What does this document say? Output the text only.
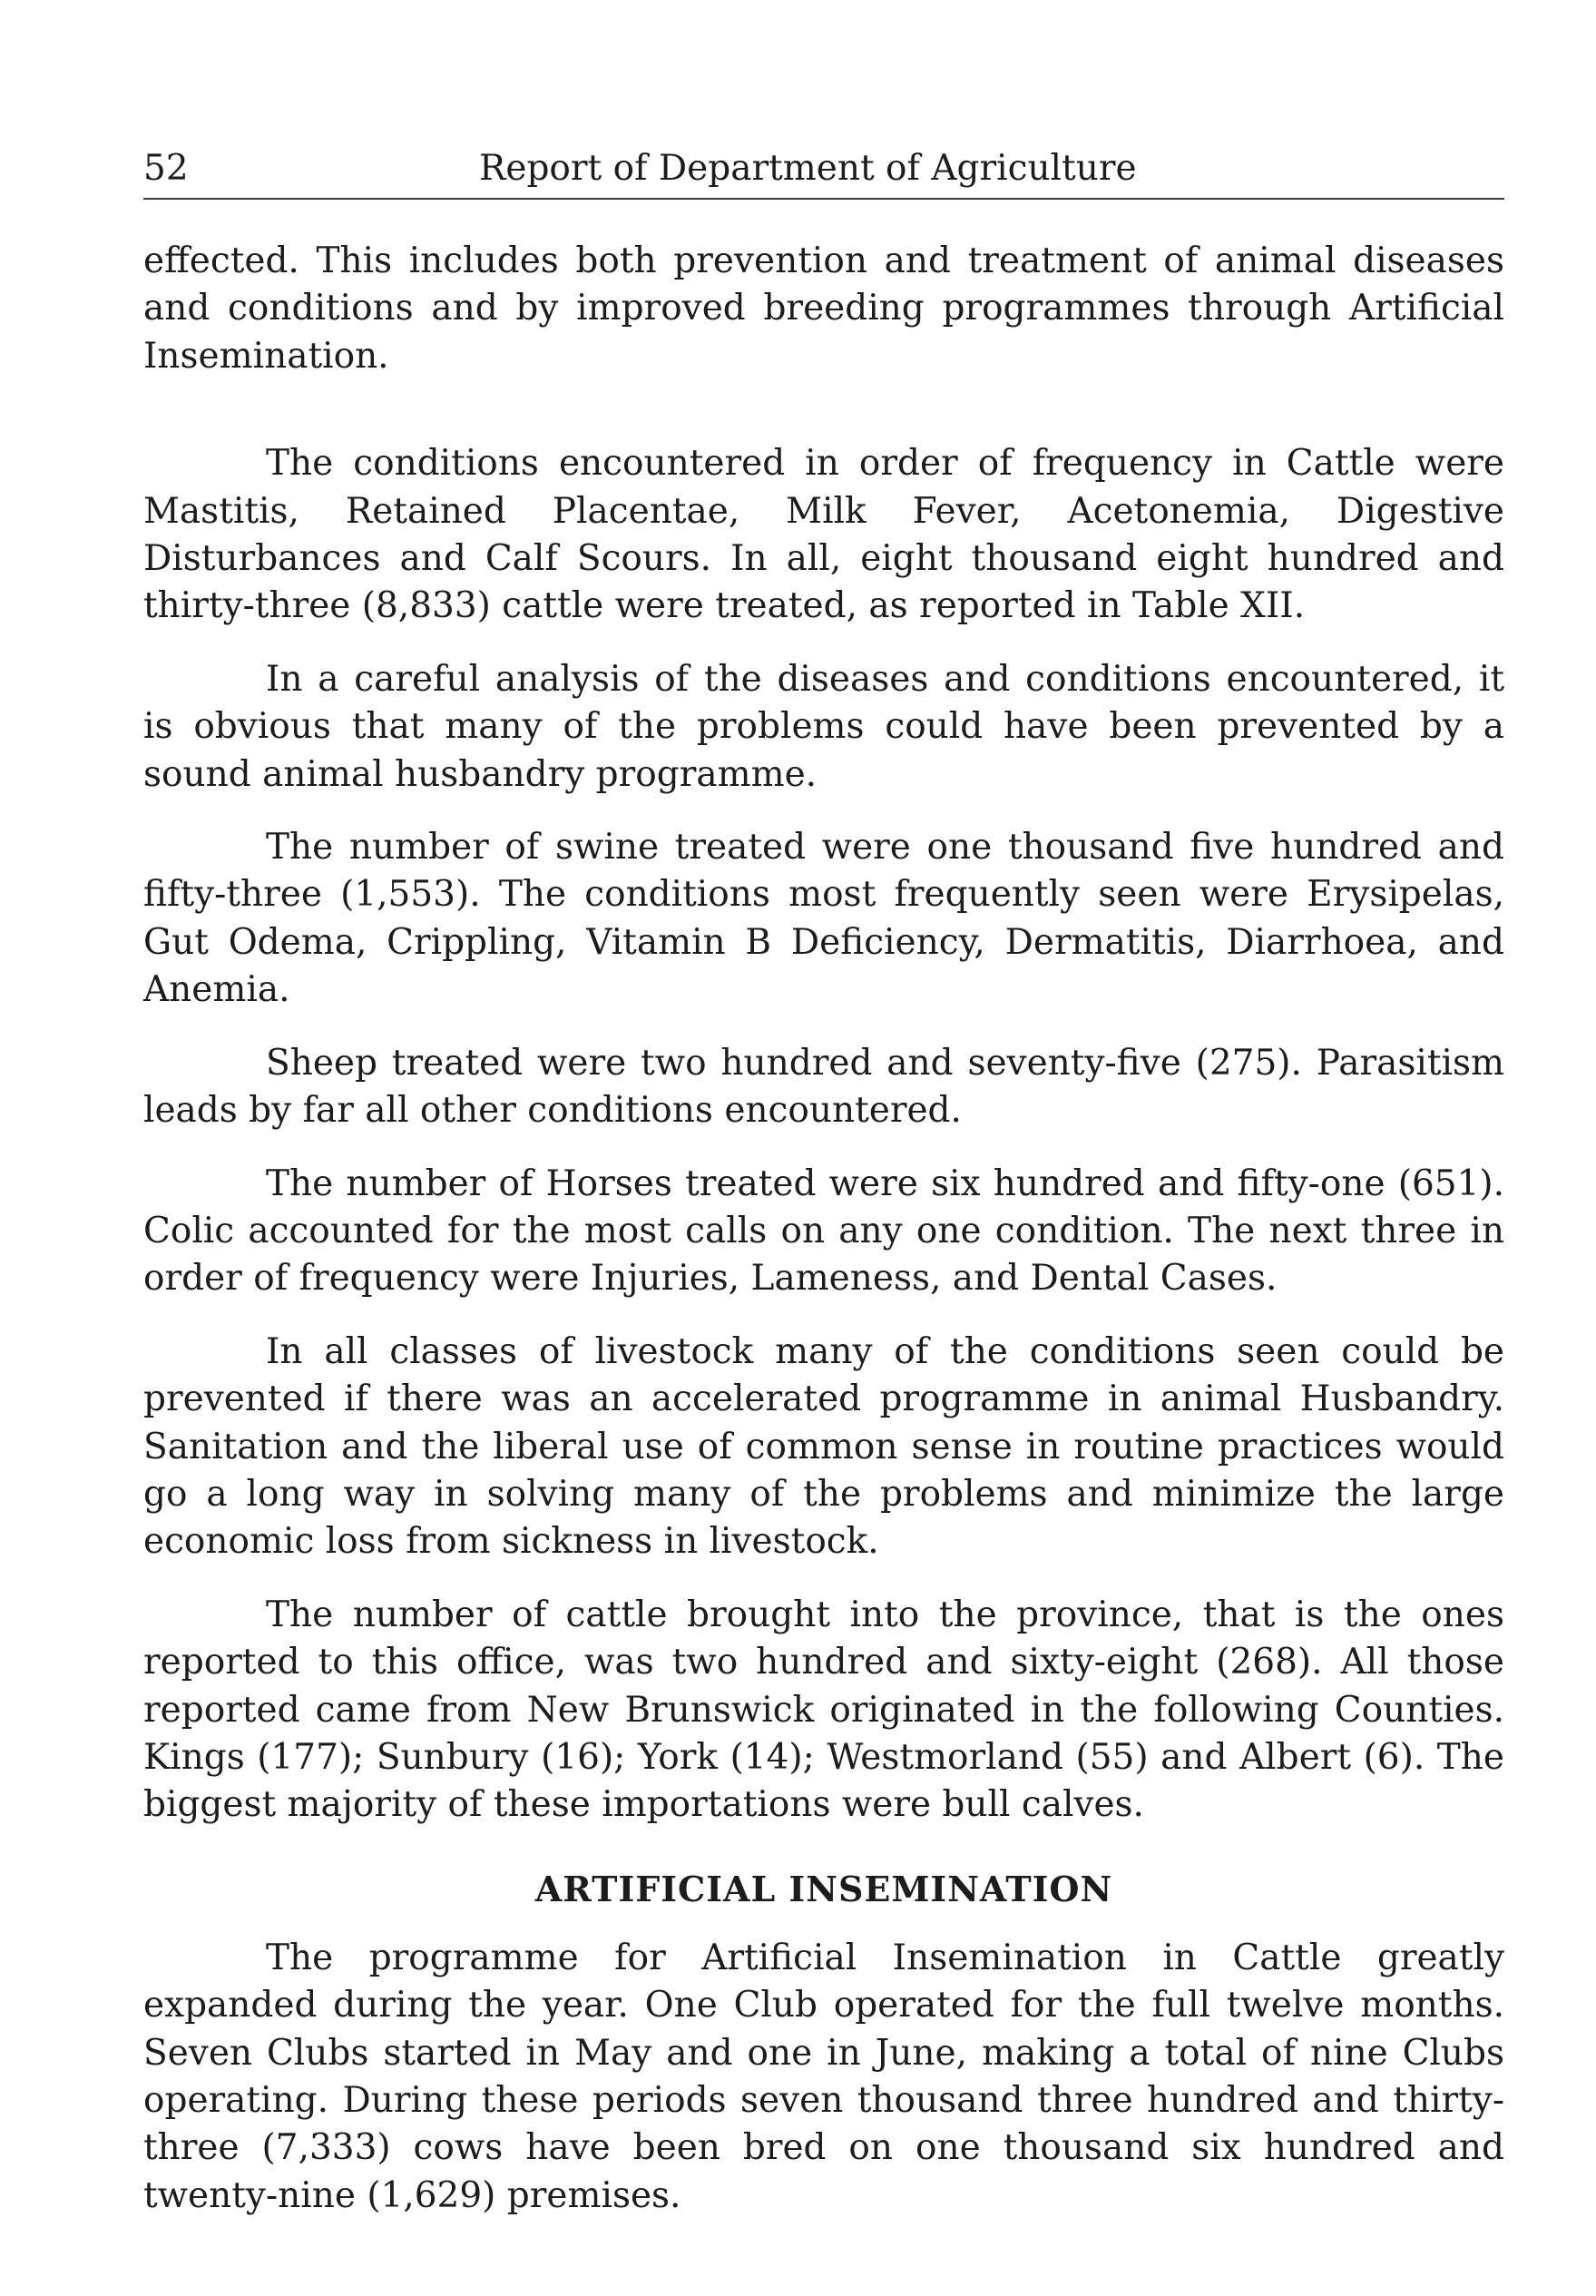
52	Report of Department of Agriculture

effected. This includes both prevention and treatment of animal diseases and conditions and by improved breeding programmes through Artificial Insemination.

The conditions encountered in order of frequency in Cattle were Mastitis, Retained Placentae, Milk Fever, Acetonemia, Digestive Disturbances and Calf Scours. In all, eight thousand eight hundred and thirty-three (8,833) cattle were treated, as reported in Table XII.

In a careful analysis of the diseases and conditions encountered, it is obvious that many of the problems could have been prevented by a sound animal husbandry programme.

The number of swine treated were one thousand five hundred and fifty-three (1,553). The conditions most frequently seen were Erysipelas, Gut Odema, Crippling, Vitamin B Deficiency, Dermatitis, Diarrhoea, and Anemia.

Sheep treated were two hundred and seventy-five (275). Parasitism leads by far all other conditions encountered.

The number of Horses treated were six hundred and fifty-one (651). Colic accounted for the most calls on any one condition. The next three in order of frequency were Injuries, Lameness, and Dental Cases.

In all classes of livestock many of the conditions seen could be prevented if there was an accelerated programme in animal Husbandry. Sanitation and the liberal use of common sense in routine practices would go a long way in solving many of the problems and minimize the large economic loss from sickness in livestock.

The number of cattle brought into the province, that is the ones reported to this office, was two hundred and sixty-eight (268). All those reported came from New Brunswick originated in the following Counties. Kings (177); Sunbury (16); York (14); Westmorland (55) and Albert (6). The biggest majority of these importations were bull calves.

ARTIFICIAL INSEMINATION

The programme for Artificial Insemination in Cattle greatly expanded during the year. One Club operated for the full twelve months. Seven Clubs started in May and one in June, making a total of nine Clubs operating. During these periods seven thousand three hundred and thirty-three (7,333) cows have been bred on one thousand six hundred and twenty-nine (1,629) premises.
